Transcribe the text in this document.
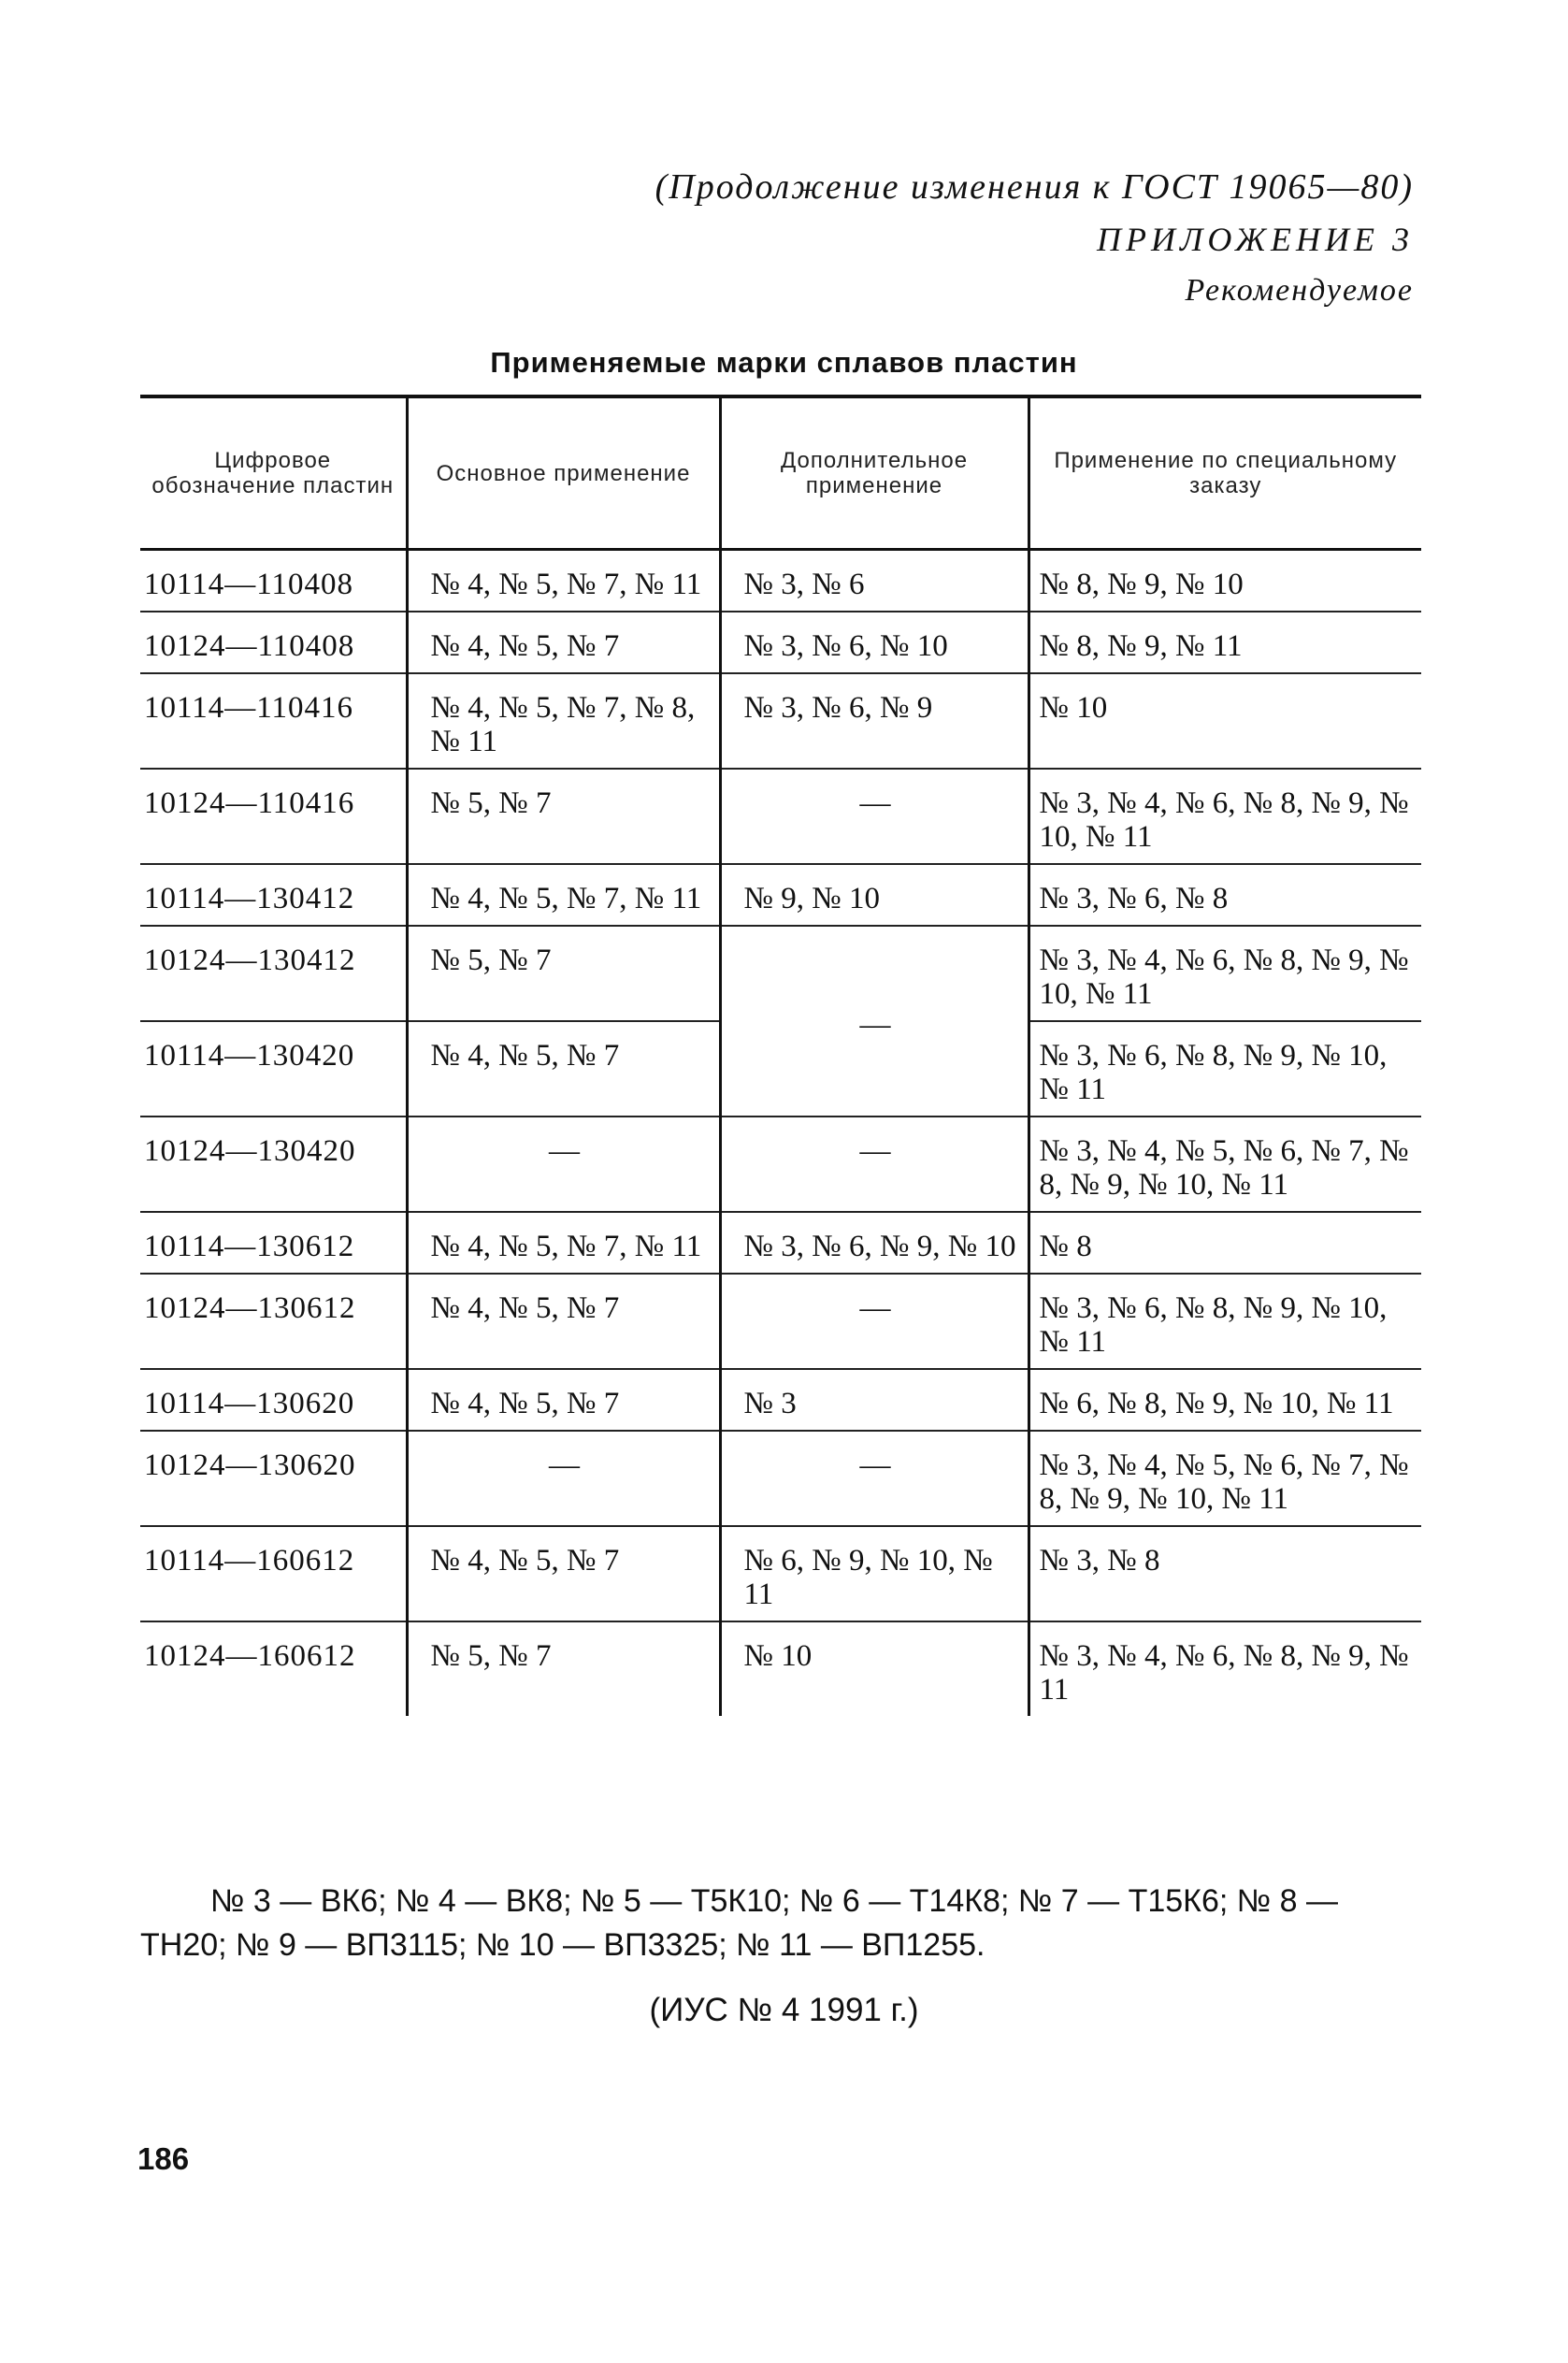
(Продолжение изменения к ГОСТ 19065—80)
ПРИЛОЖЕНИЕ 3
Рекомендуемое
Применяемые марки сплавов пластин
Цифровое обозначение пластин	Основное применение	Дополнительное применение	Применение по специальному заказу
10114—110408	№ 4, № 5, № 7, № 11	№ 3, № 6	№ 8, № 9, № 10
10124—110408	№ 4, № 5, № 7	№ 3, № 6, № 10	№ 8, № 9, № 11
10114—110416	№ 4, № 5, № 7, № 8, № 11	№ 3, № 6, № 9	№ 10
10124—110416	№ 5, № 7	—	№ 3, № 4, № 6, № 8, № 9, № 10, № 11
10114—130412	№ 4, № 5, № 7, № 11	№ 9, № 10	№ 3, № 6, № 8
10124—130412	№ 5, № 7	—	№ 3, № 4, № 6, № 8, № 9, № 10, № 11
10114—130420	№ 4, № 5, № 7		№ 3, № 6, № 8, № 9, № 10, № 11
10124—130420	—	—	№ 3, № 4, № 5, № 6, № 7, № 8, № 9, № 10, № 11
10114—130612	№ 4, № 5, № 7, № 11	№ 3, № 6, № 9, № 10	№ 8
10124—130612	№ 4, № 5, № 7	—	№ 3, № 6, № 8, № 9, № 10, № 11
10114—130620	№ 4, № 5, № 7	№ 3	№ 6, № 8, № 9, № 10, № 11
10124—130620	—	—	№ 3, № 4, № 5, № 6, № 7, № 8, № 9, № 10, № 11
10114—160612	№ 4, № 5, № 7	№ 6, № 9, № 10, № 11	№ 3, № 8
10124—160612	№ 5, № 7	№ 10	№ 3, № 4, № 6, № 8, № 9, № 11
№ 3 — ВК6; № 4 — ВК8; № 5 — Т5К10; № 6 — Т14К8; № 7 — Т15К6; № 8 — ТН20; № 9 — ВП3115; № 10 — ВП3325; № 11 — ВП1255.
(ИУС № 4 1991 г.)
186
